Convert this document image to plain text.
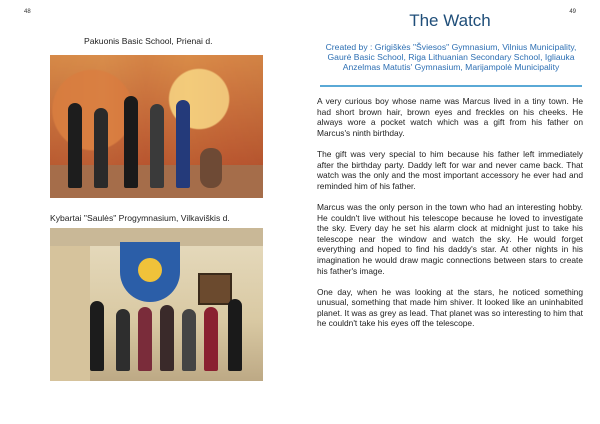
48
Pakuonis Basic School, Prienai d.
Kybartai "Saulės" Progymnasium, Vilkaviškis d.
49
The Watch
Created by : Grigiškės "Šviesos" Gymnasium, Vilnius Municipality, Gaurė Basic School, Riga Lithuanian Secondary School, Igliauka Anzelmas Matutis' Gymnasium, Marijampolė Municipality

A very curious boy whose name was Marcus lived in a tiny town. He had short brown hair, brown eyes and freckles on his cheeks. He always wore a pocket watch which was a gift from his father on Marcus's ninth birthday.

The gift was very special to him because his father left immediately after the birthday party. Daddy left for war and never came back. That watch was the only and the most important accessory he ever had and reminded him of his father.

Marcus was the only person in the town who had an interesting hobby. He couldn't live without his telescope because he loved to investigate the sky. Every day he set his alarm clock at midnight just to take his telescope near the window and watch the sky. He would forget everything and hoped to find his daddy's star. At other nights in his imagination he would draw magic connections between stars to create his father's image.

One day, when he was looking at the stars, he noticed something unusual, something that made him shiver. It looked like an uninhabited planet. It was as grey as lead. That planet was so interesting to him that he couldn't take his eyes off the telescope.
